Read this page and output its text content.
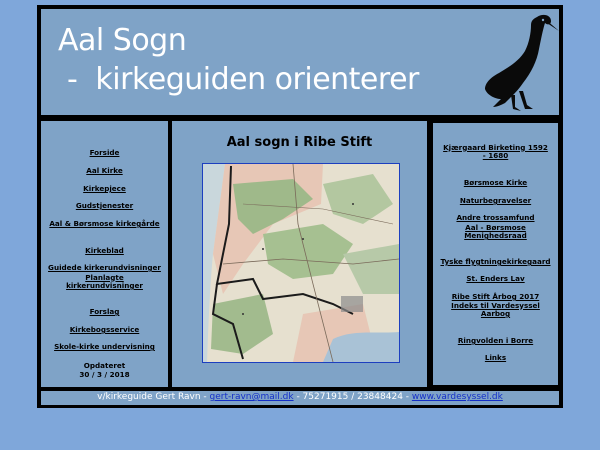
Aal Sogn
-  kirkeguiden orienterer
Forside
Aal Kirke
Kirkepjece
Gudstjenester
Aal & Børsmose kirkegårde
Kirkeblad
Guidede kirkerundvisninger
Planlagte kirkerundvisninger
Forslag
Kirkebogsservice
Skole-kirke undervisning
Opdateret
30 / 3 / 2018
Aal sogn i Ribe Stift	Kjærgaard Birketing 1592 - 1680
Børsmose Kirke
Naturbegravelser
Andre trossamfund
Aal - Børsmose Menighedsraad
Tyske flygtningekirkegaard
St. Enders Lav
Ribe Stift Årbog 2017
Indeks til Vardesyssel Aarbog
Ringvolden i Borre
Links
v/kirkeguide Gert Ravn - gert-ravn@mail.dk - 75271915 / 23848424 - www.vardesyssel.dk
